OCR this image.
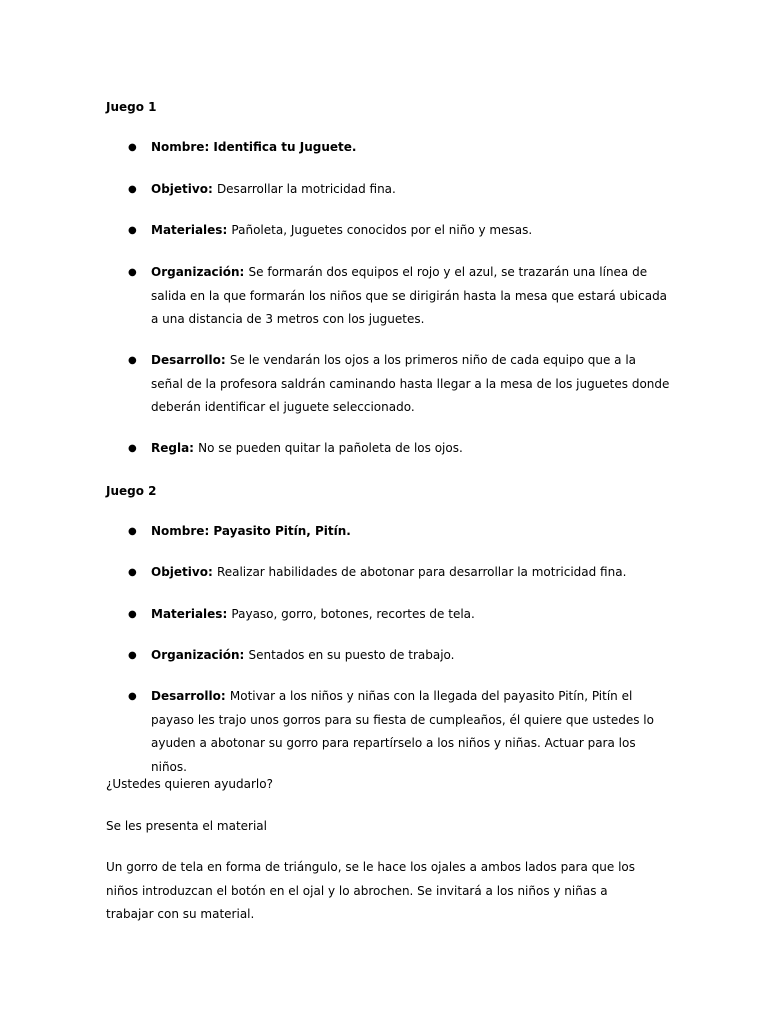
Juego 1

● Nombre: Identifica tu Juguete.

● Objetivo: Desarrollar la motricidad fina.

● Materiales: Pañoleta, Juguetes conocidos por el niño y mesas.

● Organización: Se formarán dos equipos el rojo y el azul, se trazarán una línea de salida en la que formarán los niños que se dirigirán hasta la mesa que estará ubicada a una distancia de 3 metros con los juguetes.

● Desarrollo: Se le vendarán los ojos a los primeros niño de cada equipo que a la señal de la profesora saldrán caminando hasta llegar a la mesa de los juguetes donde deberán identificar el juguete seleccionado.

● Regla: No se pueden quitar la pañoleta de los ojos.

Juego 2

● Nombre: Payasito Pitín, Pitín.

● Objetivo: Realizar habilidades de abotonar para desarrollar la motricidad fina.

● Materiales: Payaso, gorro, botones, recortes de tela.

● Organización: Sentados en su puesto de trabajo.

● Desarrollo: Motivar a los niños y niñas con la llegada del payasito Pitín, Pitín el payaso les trajo unos gorros para su fiesta de cumpleaños, él quiere que ustedes lo ayuden a abotonar su gorro para repartírselo a los niños y niñas. Actuar para los niños.

¿Ustedes quieren ayudarlo?

Se les presenta el material

Un gorro de tela en forma de triángulo, se le hace los ojales a ambos lados para que los niños introduzcan el botón en el ojal y lo abrochen. Se invitará a los niños y niñas a trabajar con su material.
